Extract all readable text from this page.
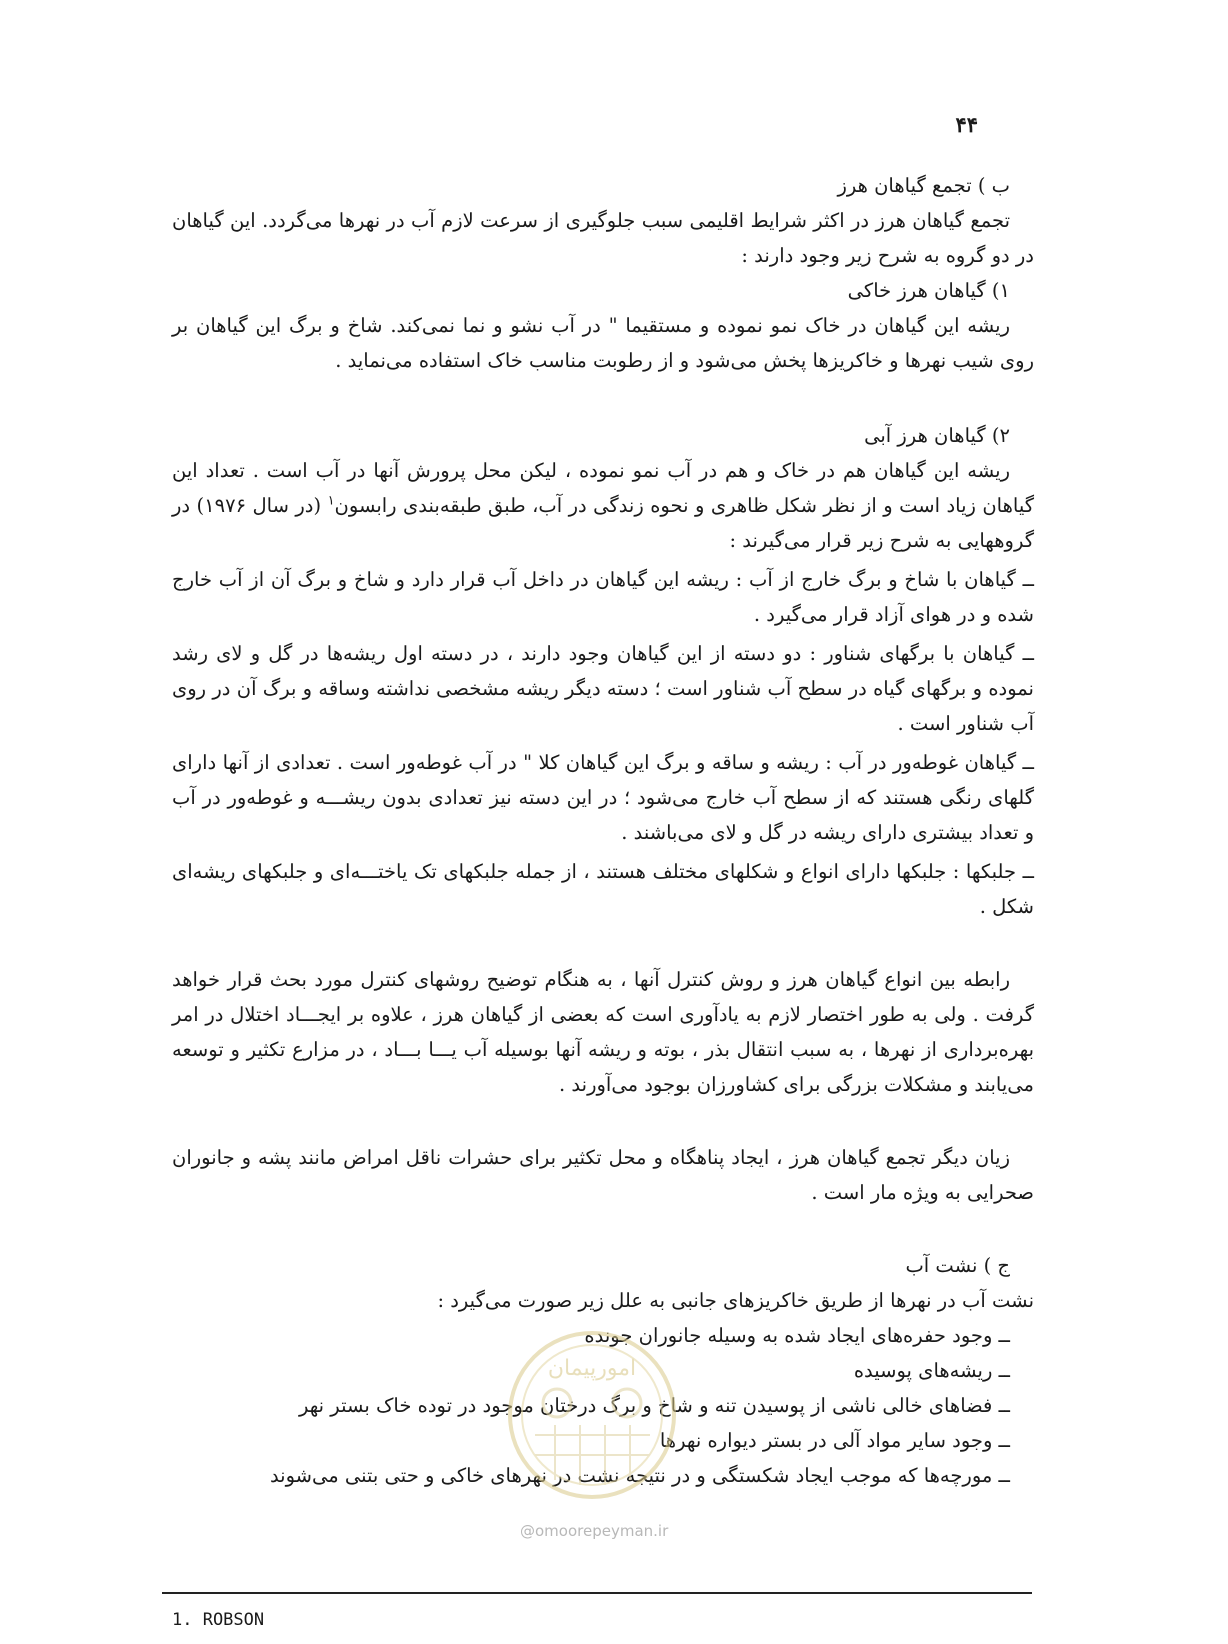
۴۴

ب ) تجمع گیاهان هرز

تجمع گیاهان هرز در اکثر شرایط اقلیمی سبب جلوگیری از سرعت لازم آب در نهرها می‌گردد. این گیاهان در دو گروه به شرح زیر وجود دارند :

۱) گیاهان هرز خاکی

ریشه این گیاهان در خاک نمو نموده و مستقیما " در آب نشو و نما نمی‌کند. شاخ و برگ این گیاهان بر روی شیب نهرها و خاکریزها پخش می‌شود و از رطوبت مناسب خاک استفاده می‌نماید .

۲) گیاهان هرز آبی

ریشه این گیاهان هم در خاک و هم در آب نمو نموده ، لیکن محل پرورش آنها در آب است . تعداد این گیاهان زیاد است و از نظر شکل ظاهری و نحوه زندگی در آب، طبق طبقه‌بندی رابسون$^۱$ (در سال ۱۹۷۶) در گروههایی به شرح زیر قرار می‌گیرند :

ــ گیاهان با شاخ و برگ خارج از آب : ریشه این گیاهان در داخل آب قرار دارد و شاخ و برگ آن از آب خارج شده و در هوای آزاد قرار می‌گیرد .

ــ گیاهان با برگهای شناور : دو دسته از این گیاهان وجود دارند ، در دسته اول ریشه‌ها در گل و لای رشد نموده و برگهای گیاه در سطح آب شناور است ؛ دسته دیگر ریشه مشخصی نداشته وساقه و برگ آن در روی آب شناور است .

ــ گیاهان غوطه‌ور در آب : ریشه و ساقه و برگ این گیاهان کلا " در آب غوطه‌ور است . تعدادی از آنها دارای گلهای رنگی هستند که از سطح آب خارج می‌شود ؛ در این دسته نیز تعدادی بدون ریشـــه و غوطه‌ور در آب و تعداد بیشتری دارای ریشه در گل و لای می‌باشند .

ــ جلبکها : جلبکها دارای انواع و شکلهای مختلف هستند ، از جمله جلبکهای تک یاختـــه‌ای و جلبکهای ریشه‌ای شکل .

رابطه بین انواع گیاهان هرز و روش کنترل آنها ، به هنگام توضیح روشهای کنترل مورد بحث قرار خواهد گرفت . ولی به طور اختصار لازم به یادآوری است که بعضی از گیاهان هرز ، علاوه بر ایجـــاد اختلال در امر بهره‌برداری از نهرها ، به سبب انتقال بذر ، بوته و ریشه آنها بوسیله آب یـــا بـــاد ، در مزارع تکثیر و توسعه می‌یابند و مشکلات بزرگی برای کشاورزان بوجود می‌آورند .

زیان دیگر تجمع گیاهان هرز ، ایجاد پناهگاه و محل تکثیر برای حشرات ناقل امراض مانند پشه و جانوران صحرایی به ویژه مار است .

ج ) نشت آب

نشت آب در نهرها از طریق خاکریزهای جانبی به علل زیر صورت می‌گیرد :

ــ وجود حفره‌های ایجاد شده به وسیله جانوران جونده

ــ ریشه‌های پوسیده

ــ فضاهای خالی ناشی از پوسیدن تنه و شاخ و برگ درختان موجود در توده خاک بستر نهر

ــ وجود سایر مواد آلی در بستر دیواره نهرها

ــ مورچه‌ها که موجب ایجاد شکستگی و در نتیجه نشت در نهرهای خاکی و حتی بتنی می‌شوند

امورپیمان
@omoorepeyman.ir
1. ROBSON
